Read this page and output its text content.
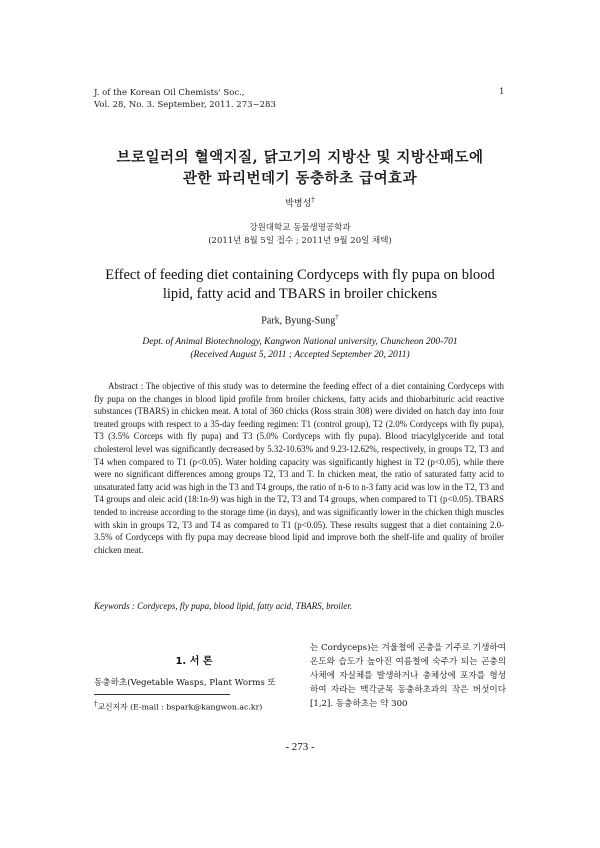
J. of the Korean Oil Chemists' Soc.,
Vol. 28, No. 3. September, 2011. 273~283
1
브로일러의 혈액지질, 닭고기의 지방산 및 지방산패도에
관한 파리번데기 동충하초 급여효과
박병성†
강원대학교 동물생명공학과
(2011년 8월 5일 접수 ; 2011년 9월 20일 채택)
Effect of feeding diet containing Cordyceps with fly pupa on blood
lipid, fatty acid and TBARS in broiler chickens
Park, Byung-Sung†
Dept. of Animal Biotechnology, Kangwon National university, Chuncheon 200-701
(Received August 5, 2011 ; Accepted September 20, 2011)
Abstract : The objective of this study was to determine the feeding effect of a diet containing Cordyceps with fly pupa on the changes in blood lipid profile from broiler chickens, fatty acids and thiobarbituric acid reactive substances (TBARS) in chicken meat. A total of 360 chicks (Ross strain 308) were divided on hatch day into four treated groups with respect to a 35-day feeding regimen: T1 (control group), T2 (2.0% Cordyceps with fly pupa), T3 (3.5% Corceps with fly pupa) and T3 (5.0% Cordyceps with fly pupa). Blood triacylglyceride and total cholesterol level was significantly decreased by 5.32-10.63% and 9.23-12.62%, respectively, in groups T2, T3 and T4 when compared to T1 (p<0.05). Water holding capacity was significantly highest in T2 (p<0.05), while there were no significant differences among groups T2, T3 and T. In chicken meat, the ratio of saturated fatty acid to unsaturated fatty acid was high in the T3 and T4 groups, the ratio of n-6 to n-3 fatty acid was low in the T2, T3 and T4 groups and oleic acid (18:1n-9) was high in the T2, T3 and T4 groups, when compared to T1 (p<0.05). TBARS tended to increase according to the storage time (in days), and was significantly lower in the chicken thigh muscles with skin in groups T2, T3 and T4 as compared to T1 (p<0.05). These results suggest that a diet containing 2.0-3.5% of Cordyceps with fly pupa may decrease blood lipid and improve both the shelf-life and quality of broiler chicken meat.
Keywords : Cordyceps, fly pupa, blood lipid, fatty acid, TBARS, broiler.
1. 서 론
동충하초(Vegetable Wasps, Plant Worms 또
는 Cordyceps)는 겨울철에 곤충을 기주로 기생하여 온도와 습도가 높아진 여름철에 숙주가 되는 곤충의 사체에 자실체를 발생하거나 충체상에 포자를 형성하여 자라는 맥각균목 동충하초과의 작은 버섯이다[1,2]. 동충하초는 약 300
†교신저자 (E-mail : bspark@kangwon.ac.kr)
- 273 -
